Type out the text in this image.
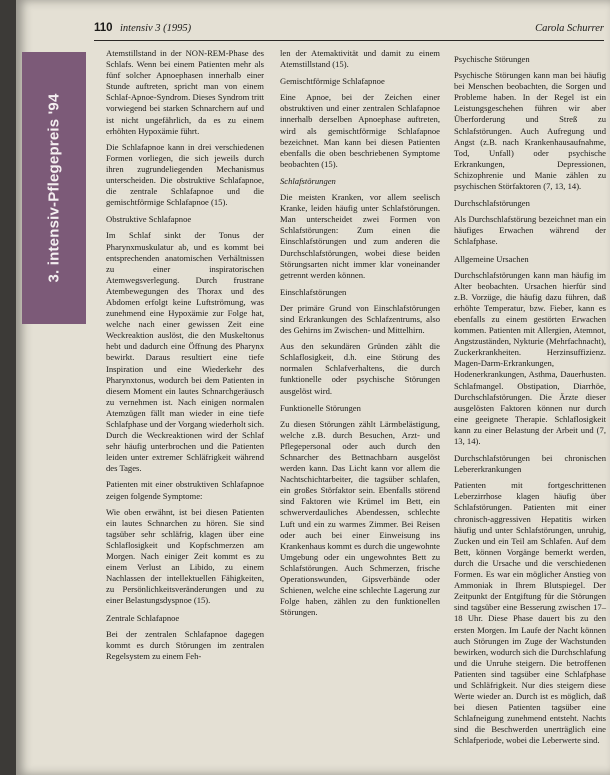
110 intensiv 3 (1995)	Carola Schurrer
3. intensiv-Pflegepreis '94

Atemstillstand in der NON-REM-Phase des Schlafs. Wenn bei einem Patienten mehr als fünf solcher Apnoephasen innerhalb einer Stunde auftreten, spricht man von einem Schlaf-Apnoe-Syndrom. Dieses Syndrom tritt vorwiegend bei starken Schnarchern auf und ist nicht ungefährlich, da es zu einem erhöhten Hypoxämie führt.

Die Schlafapnoe kann in drei verschiedenen Formen vorliegen, die sich jeweils durch ihren zugrundeliegenden Mechanismus unterscheiden. Die obstruktive Schlafapnoe, die zentrale Schlafapnoe und die gemischtförmige Schlafapnoe (15).

Obstruktive Schlafapnoe

Im Schlaf sinkt der Tonus der Pharynxmuskulatur ab, und es kommt bei entsprechenden anatomischen Verhältnissen zu einer inspiratorischen Atemwegsverlegung. Durch frustrane Atembewegungen des Thorax und des Abdomen erfolgt keine Luftströmung, was zunehmend eine Hypoxämie zur Folge hat, welche nach einer gewissen Zeit eine Weckreaktion auslöst, die den Muskeltonus hebt und dadurch eine Öffnung des Pharynx bewirkt. Daraus resultiert eine tiefe Inspiration und eine Wiederkehr des Pharynxtonus, wodurch bei dem Patienten in diesem Moment ein lautes Schnarchgeräusch zu vernehmen ist. Nach einigen normalen Atemzügen fällt man wieder in eine tiefe Schlafphase und der Vorgang wiederholt sich. Durch die Weckreaktionen wird der Schlaf sehr häufig unterbrochen und die Patienten leiden unter extremer Schläfrigkeit während des Tages.

Patienten mit einer obstruktiven Schlafapnoe zeigen folgende Symptome:

Wie oben erwähnt, ist bei diesen Patienten ein lautes Schnarchen zu hören. Sie sind tagsüber sehr schläfrig, klagen über eine Schlaflosigkeit und Kopfschmerzen am Morgen. Nach einiger Zeit kommt es zu einem Verlust an Libido, zu einem Nachlassen der intellektuellen Fähigkeiten, zu Persönlichkeitsveränderungen und zu einer Belastungsdyspnoe (15).

Zentrale Schlafapnoe

Bei der zentralen Schlafapnoe dagegen kommt es durch Störungen im zentralen Regelsystem zu einem Feh-

len der Atemaktivität und damit zu einem Atemstillstand (15).

Gemischtförmige Schlafapnoe

Eine Apnoe, bei der Zeichen einer obstruktiven und einer zentralen Schlafapnoe innerhalb derselben Apnoephase auftreten, wird als gemischtförmige Schlafapnoe bezeichnet. Man kann bei diesen Patienten ebenfalls die oben beschriebenen Symptome beobachten (15).

Schlafstörungen

Die meisten Kranken, vor allem seelisch Kranke, leiden häufig unter Schlafstörungen. Man unterscheidet zwei Formen von Schlafstörungen: Zum einen die Einschlafstörungen und zum anderen die Durchschlafstörungen, wobei diese beiden Störungsarten nicht immer klar voneinander getrennt werden können.

Einschlafstörungen

Der primäre Grund von Einschlafstörungen sind Erkrankungen des Schlafzentrums, also des Gehirns im Zwischen- und Mittelhirn.

Aus den sekundären Gründen zählt die Schlaflosigkeit, d.h. eine Störung des normalen Schlafverhaltens, die durch funktionelle oder psychische Störungen ausgelöst wird.

Funktionelle Störungen

Zu diesen Störungen zählt Lärmbelästigung, welche z.B. durch Besuchen, Arzt- und Pflegepersonal oder auch durch den Schnarcher des Bettnachbarn ausgelöst werden kann. Das Licht kann vor allem die Nachtschichtarbeiter, die tagsüber schlafen, ein großes Störfaktor sein. Ebenfalls störend sind Faktoren wie Krümel im Bett, ein schwerverdauliches Abendessen, schlechte Luft und ein zu warmes Zimmer. Bei Reisen oder auch bei einer Einweisung ins Krankenhaus kommt es durch die ungewohnte Umgebung oder ein ungewohntes Bett zu Schlafstörungen. Auch Schmerzen, frische Operationswunden, Gipsverbände oder Schienen, welche eine schlechte Lagerung zur Folge haben, zählen zu den funktionellen Störungen.

Psychische Störungen

Psychische Störungen kann man bei häufig bei Menschen beobachten, die Sorgen und Probleme haben. In der Regel ist ein Leistungsgeschehen führen wir aber Überforderung und Streß zu Schlafstörungen. Auch Aufregung und Angst (z.B. nach Krankenhausaufnahme, Tod, Unfall) oder psychische Erkrankungen, Depressionen, Schizophrenie und Manie zählen zu psychischen Störfaktoren (7, 13, 14).

Durchschlafstörungen

Als Durchschlafstörung bezeichnet man ein häufiges Erwachen während der Schlafphase.

Allgemeine Ursachen

Durchschlafstörungen kann man häufig im Alter beobachten. Ursachen hierfür sind z.B. Vorzüge, die häufig dazu führen, daß erhöhte Temperatur, bzw. Fieber, kann es ebenfalls zu einem gestörten Erwachen kommen. Patienten mit Allergien, Atemnot, Angstzuständen, Nykturie (Mehrfachnacht), Zuckerkrankheiten. Herzinsuffizienz. Magen-Darm-Erkrankungen, Hodenerkrankungen, Asthma, Dauerhusten. Schlafmangel. Obstipation, Diarrhöe, Durchschlafstörungen. Die Ärzte dieser ausgelösten Faktoren können nur durch eine geeignete Therapie. Schlaflosigkeit kann zu einer Belastung der Arbeit und (7, 13, 14).

Durchschlafstörungen bei chronischen Lebererkrankungen

Patienten mit fortgeschrittenen Leberzirrhose klagen häufig über Schlafstörungen. Patienten mit einer chronisch-aggressiven Hepatitis wirken häufig und unter Schlafstörungen, unruhig, Zucken und ein Teil am Schlafen. Auf dem Bett, können Vorgänge bemerkt werden, durch die Ursache und die verschiedenen Formen. Es war ein möglicher Anstieg von Ammoniak in Ihrem Blutspiegel. Der Zeitpunkt der Entgiftung für die Störungen sind tagsüber eine Besserung zwischen 17–18 Uhr. Diese Phase dauert bis zu den ersten Morgen. Im Laufe der Nacht können auch Störungen im Zuge der Wachstunden bewirken, wodurch sich die Durchschlafung und die Unruhe steigern. Die betroffenen Patienten sind tagsüber eine Schlafphase und Schläfrigkeit. Nur dies steigern diese Werte wieder an. Durch ist es möglich, daß bei diesen Patienten tagsüber eine Schlafneigung zunehmend entsteht. Nachts sind die Beschwerden unerträglich eine Schlafperiode, wobei die Leberwerte sind.
